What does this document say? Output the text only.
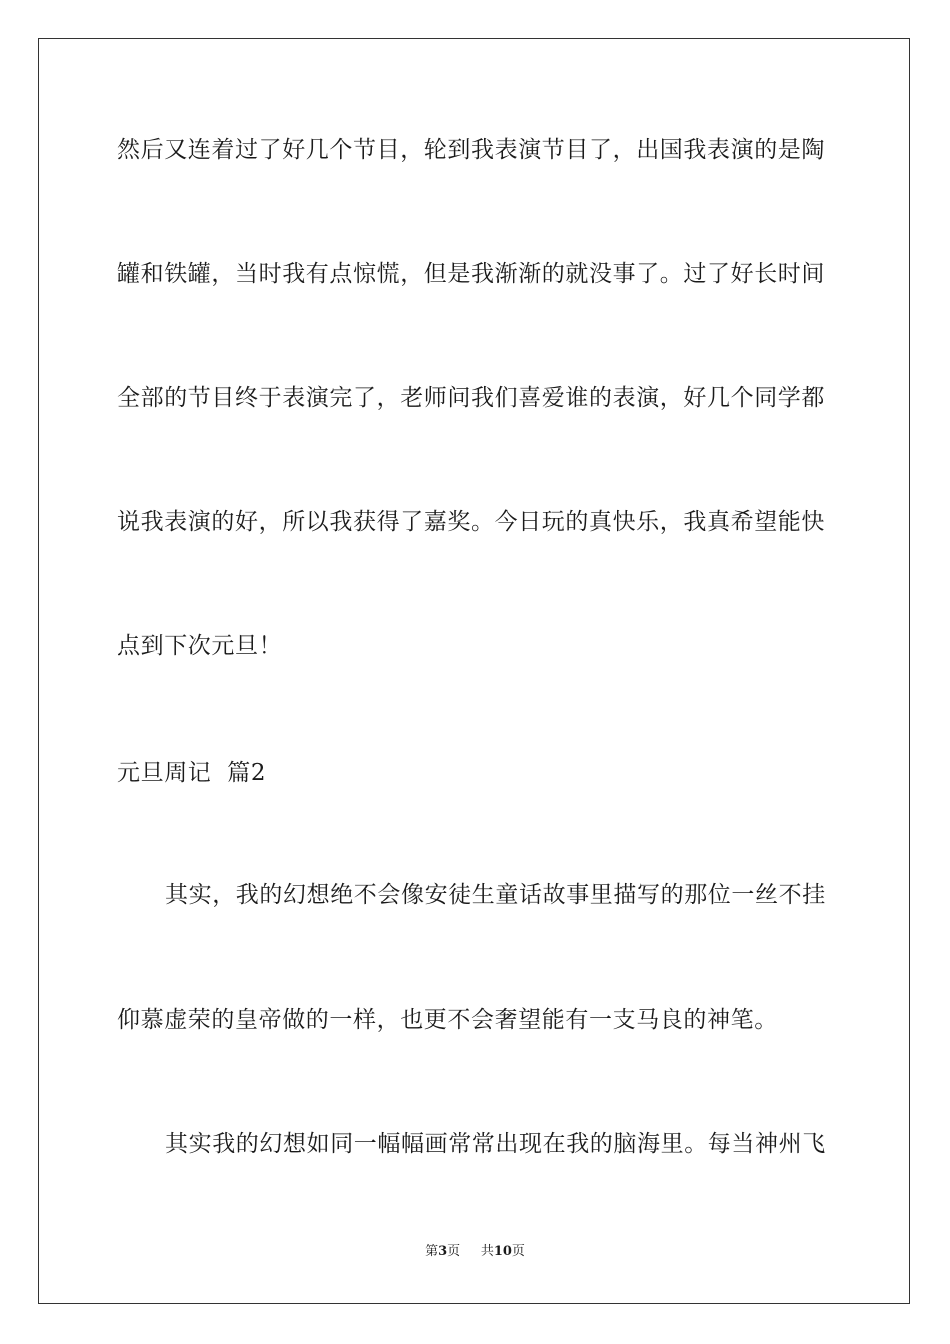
然后又连着过了好几个节目，轮到我表演节目了，出国我表演的是陶
罐和铁罐，当时我有点惊慌，但是我渐渐的就没事了。过了好长时间
全部的节目终于表演完了，老师问我们喜爱谁的表演，好几个同学都
说我表演的好，所以我获得了嘉奖。今日玩的真快乐，我真希望能快
点到下次元旦！
元旦周记  篇2
其实，我的幻想绝不会像安徒生童话故事里描写的那位一丝不挂
仰慕虚荣的皇帝做的一样，也更不会奢望能有一支马良的神笔。
其实我的幻想如同一幅幅画常常出现在我的脑海里。每当神州飞
第3页 共10页
